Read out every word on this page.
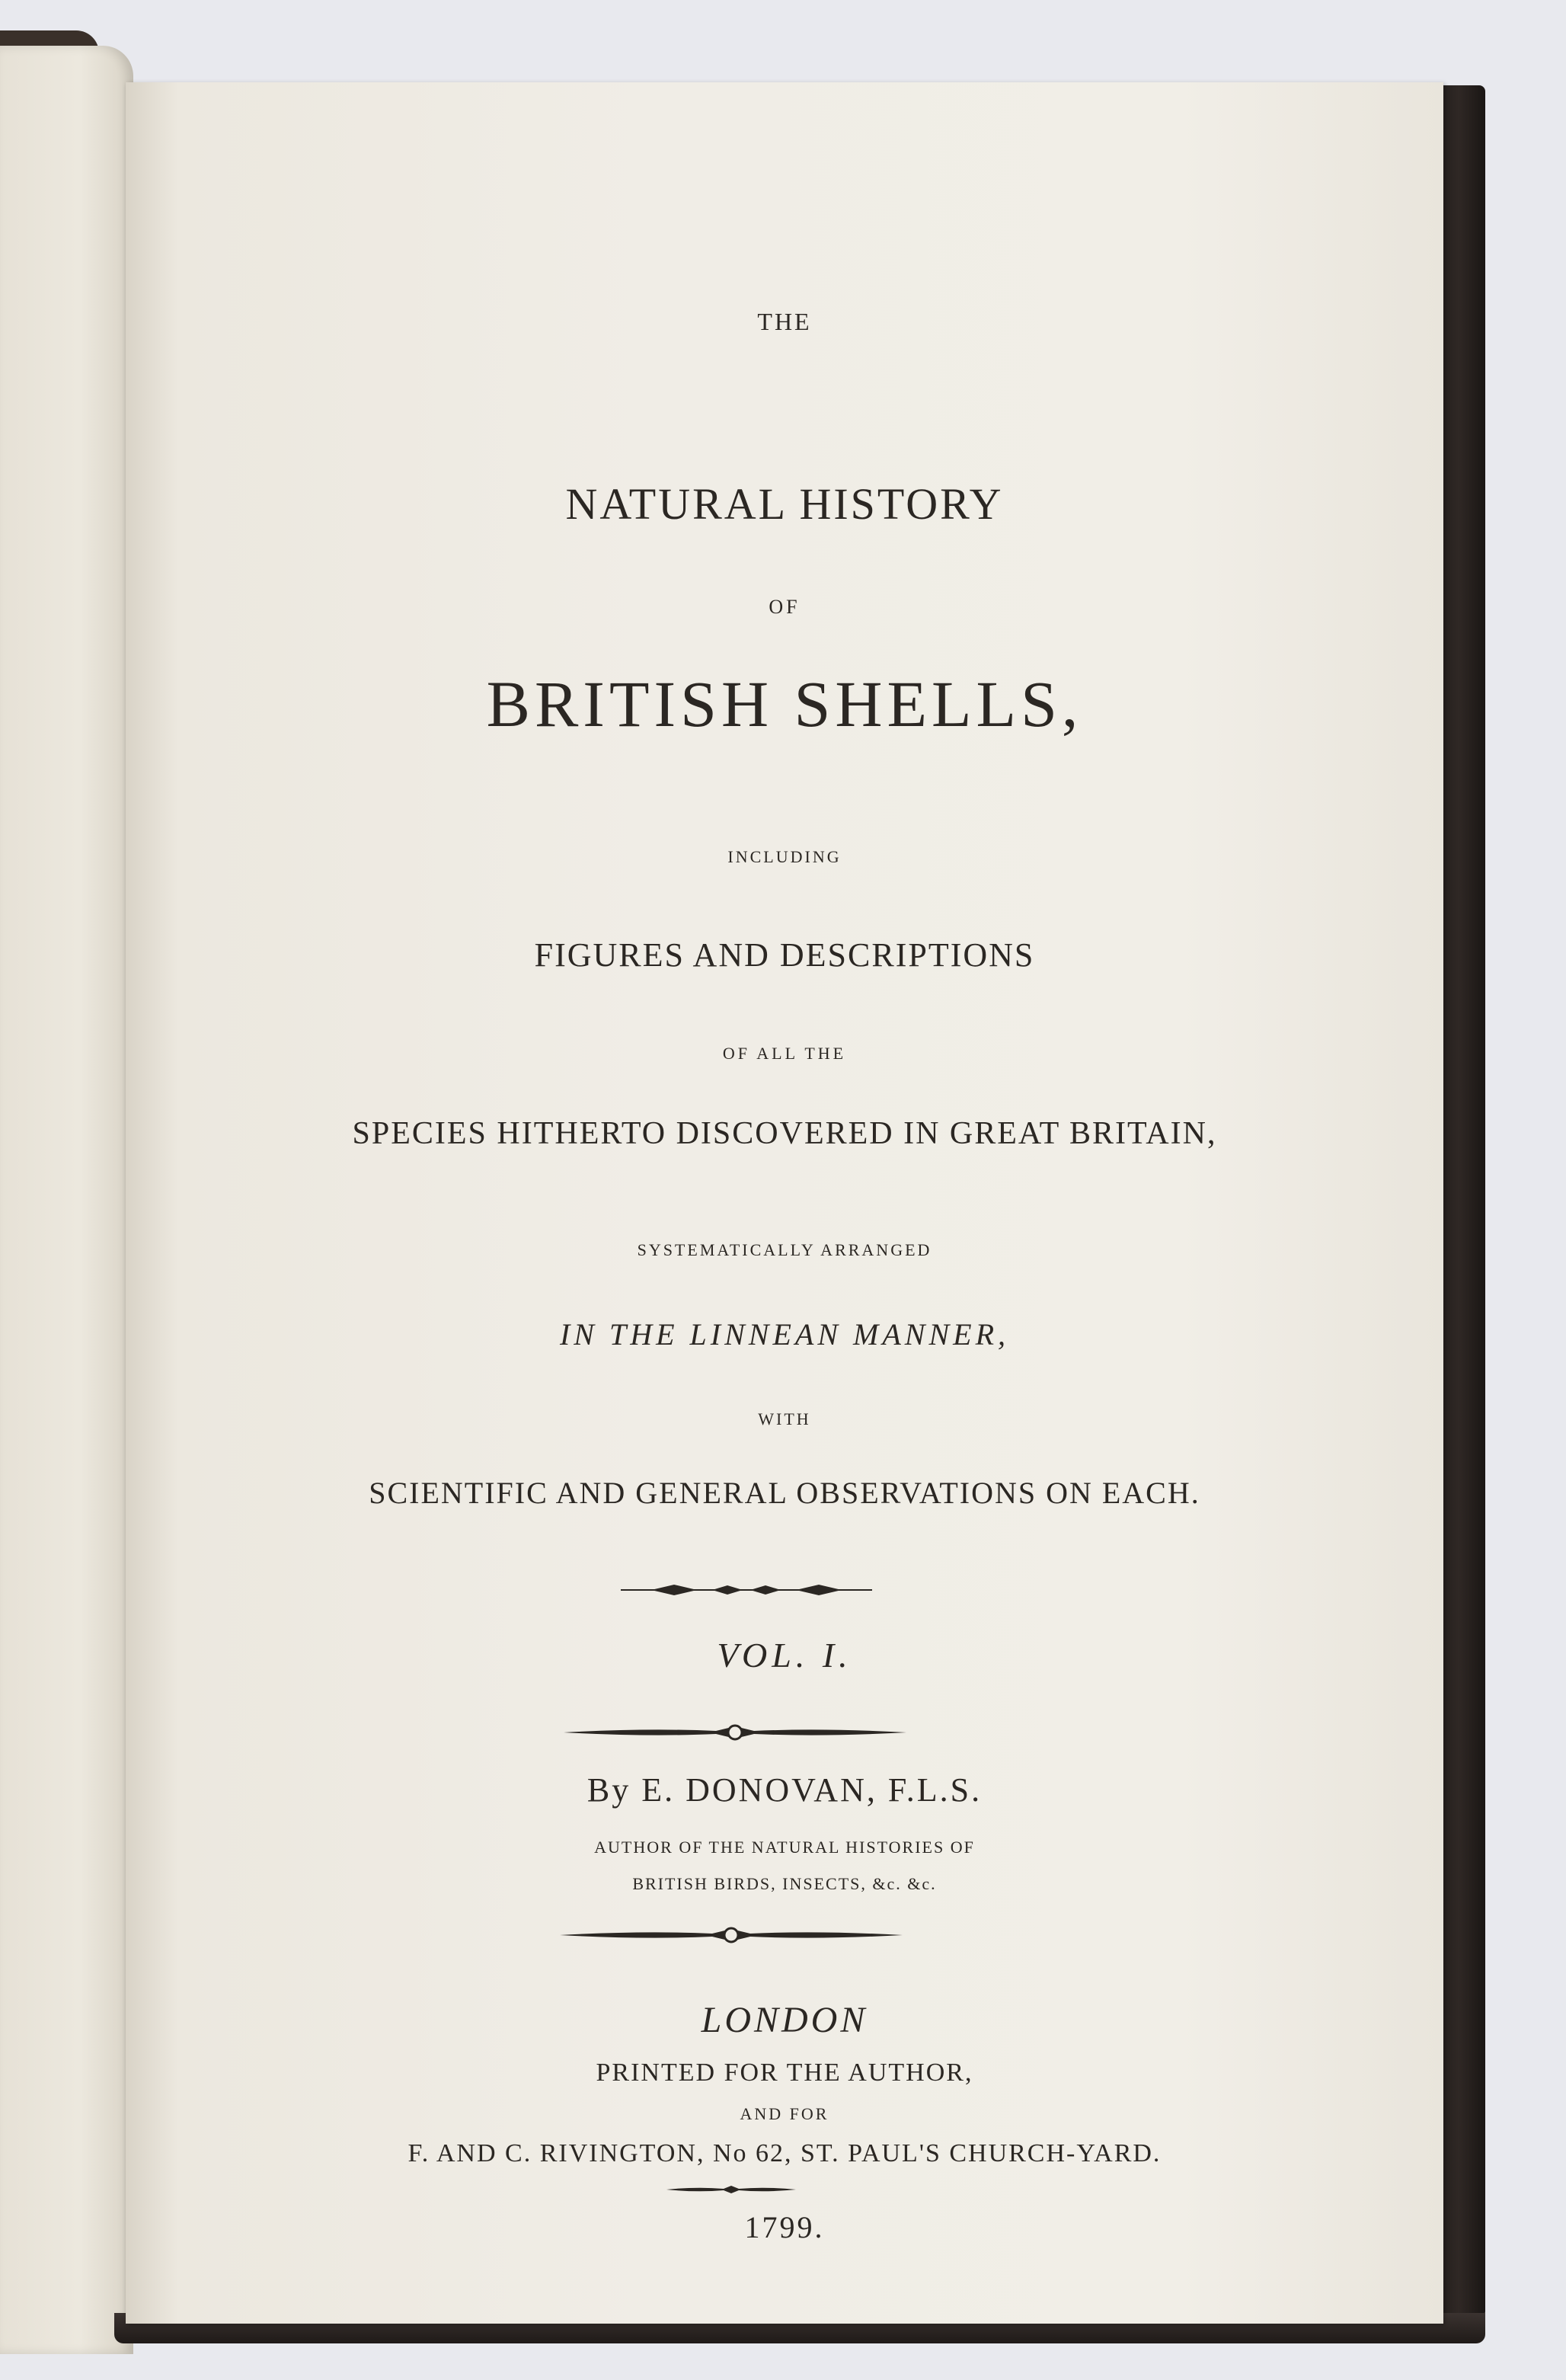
THE
NATURAL HISTORY
OF
BRITISH SHELLS,
INCLUDING
FIGURES AND DESCRIPTIONS
OF ALL THE
SPECIES HITHERTO DISCOVERED IN GREAT BRITAIN,
SYSTEMATICALLY ARRANGED
IN THE LINNEAN MANNER,
WITH
SCIENTIFIC AND GENERAL OBSERVATIONS ON EACH.
VOL. I.
By E. DONOVAN, F.L.S.
AUTHOR OF THE NATURAL HISTORIES OF
BRITISH BIRDS, INSECTS, &c. &c.
LONDON
PRINTED FOR THE AUTHOR,
AND FOR
F. AND C. RIVINGTON, No 62, ST. PAUL'S CHURCH-YARD.
1799.
